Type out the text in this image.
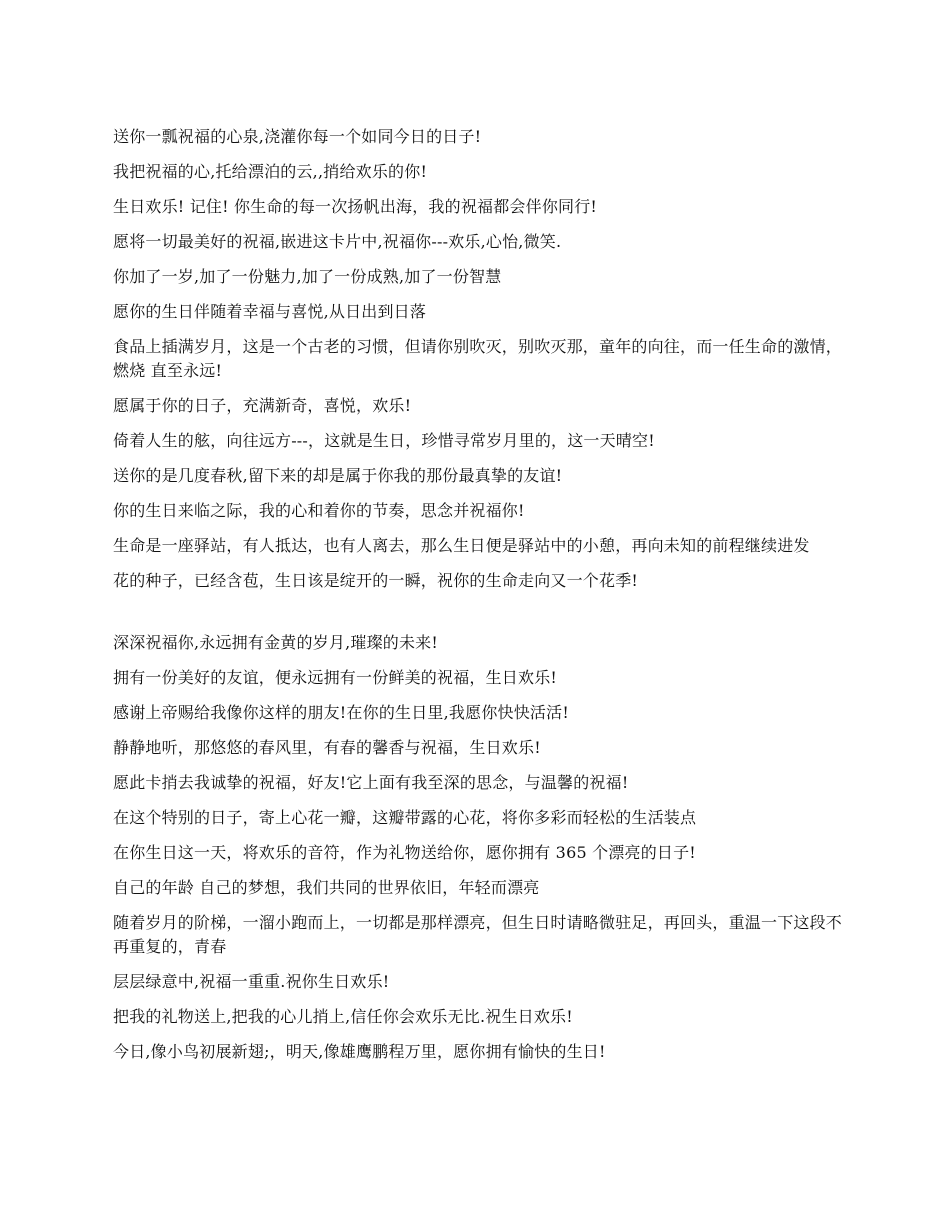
送你一瓢祝福的心泉,浇灌你每一个如同今日的日子!

我把祝福的心,托给漂泊的云,,捎给欢乐的你!

生日欢乐! 记住! 你生命的每一次扬帆出海，我的祝福都会伴你同行!

愿将一切最美好的祝福,嵌进这卡片中,祝福你---欢乐,心怡,微笑.

你加了一岁,加了一份魅力,加了一份成熟,加了一份智慧

愿你的生日伴随着幸福与喜悦,从日出到日落

食品上插满岁月，这是一个古老的习惯，但请你别吹灭，别吹灭那，童年的向往，而一任生命的激情，燃烧 直至永远!

愿属于你的日子，充满新奇，喜悦，欢乐!

倚着人生的舷，向往远方---，这就是生日，珍惜寻常岁月里的，这一天晴空!

送你的是几度春秋,留下来的却是属于你我的那份最真挚的友谊!

你的生日来临之际，我的心和着你的节奏，思念并祝福你!

生命是一座驿站，有人抵达，也有人离去，那么生日便是驿站中的小憩，再向未知的前程继续进发

花的种子，已经含苞，生日该是绽开的一瞬，祝你的生命走向又一个花季!

深深祝福你,永远拥有金黄的岁月,璀璨的未来!

拥有一份美好的友谊，便永远拥有一份鲜美的祝福，生日欢乐!

感谢上帝赐给我像你这样的朋友!在你的生日里,我愿你快快活活!

静静地听，那悠悠的春风里，有春的馨香与祝福，生日欢乐!

愿此卡捎去我诚挚的祝福，好友!它上面有我至深的思念，与温馨的祝福!

在这个特别的日子，寄上心花一瓣，这瓣带露的心花，将你多彩而轻松的生活装点

在你生日这一天，将欢乐的音符，作为礼物送给你，愿你拥有 365 个漂亮的日子!

自己的年龄 自己的梦想，我们共同的世界依旧，年轻而漂亮

随着岁月的阶梯，一溜小跑而上，一切都是那样漂亮，但生日时请略微驻足，再回头，重温一下这段不再重复的，青春

层层绿意中,祝福一重重.祝你生日欢乐!

把我的礼物送上,把我的心儿捎上,信任你会欢乐无比.祝生日欢乐!

今日,像小鸟初展新翅;，明天,像雄鹰鹏程万里，愿你拥有愉快的生日!
